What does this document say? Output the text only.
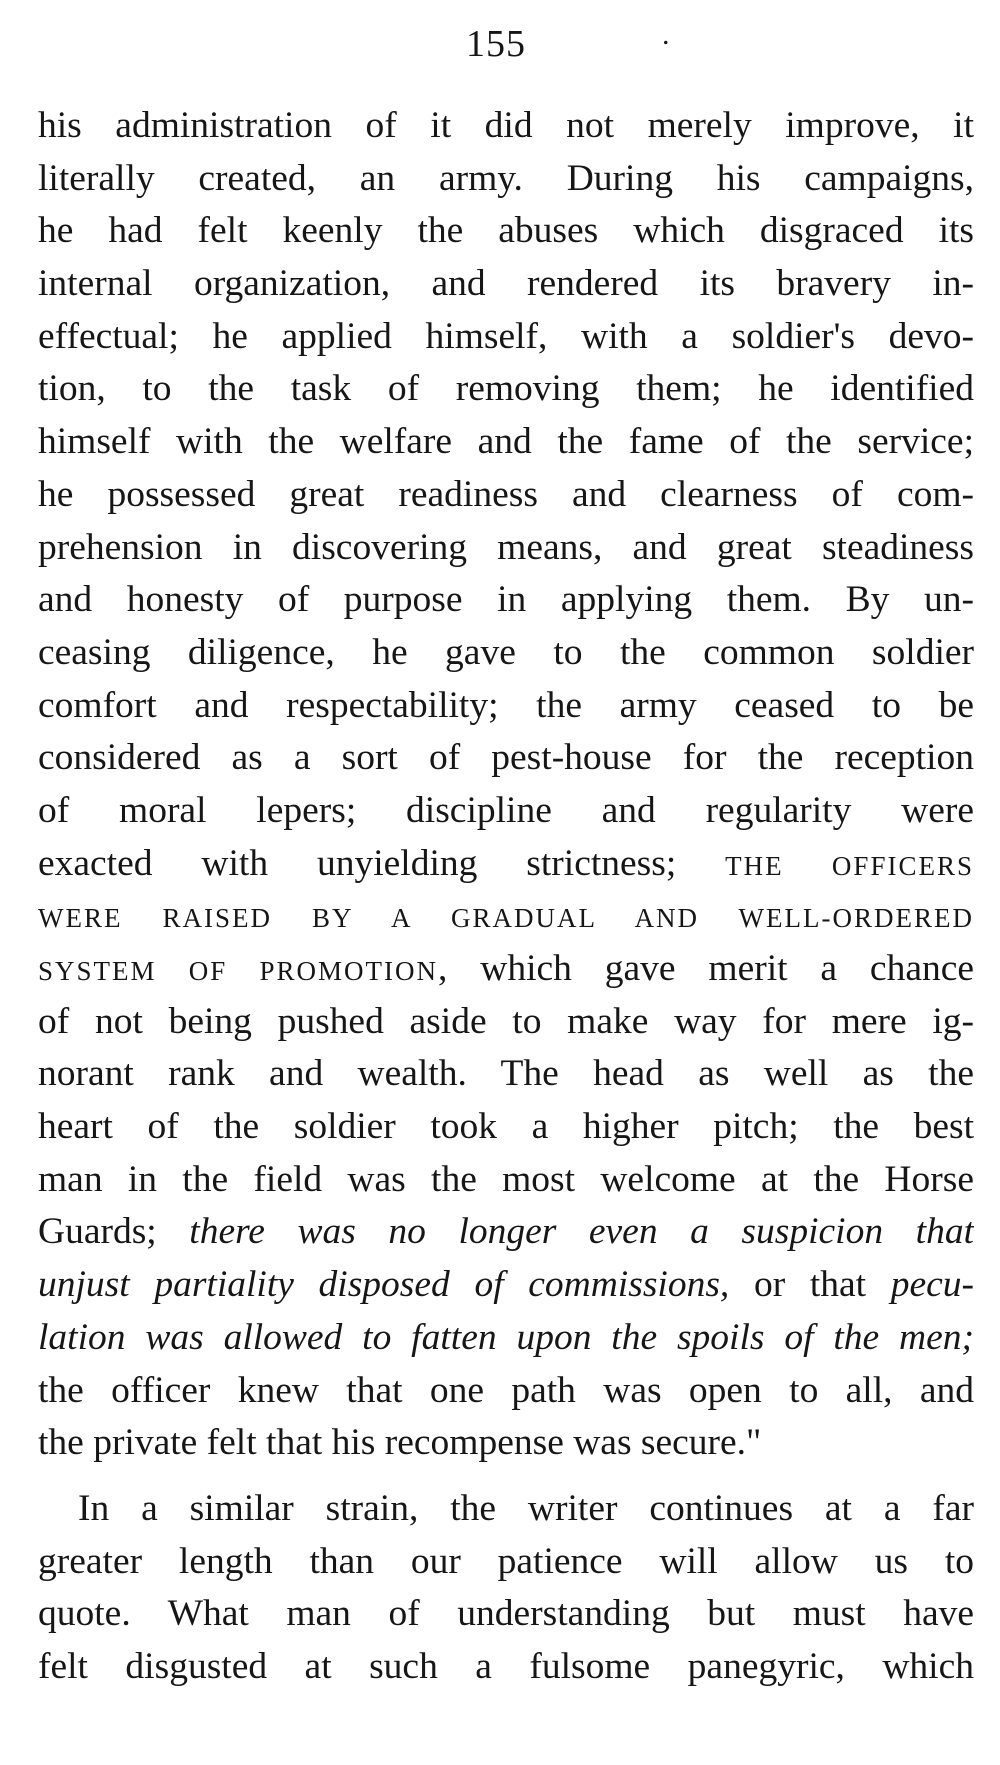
155	.
his administration of it did not merely improve, it
literally created, an army. During his campaigns,
he had felt keenly the abuses which disgraced its
internal organization, and rendered its bravery in-
effectual; he applied himself, with a soldier's devo-
tion, to the task of removing them; he identified
himself with the welfare and the fame of the service;
he possessed great readiness and clearness of com-
prehension in discovering means, and great steadiness
and honesty of purpose in applying them. By un-
ceasing diligence, he gave to the common soldier
comfort and respectability; the army ceased to be
considered as a sort of pest-house for the reception
of moral lepers; discipline and regularity were
exacted with unyielding strictness; THE OFFICERS
WERE RAISED BY A GRADUAL AND WELL-ORDERED
SYSTEM OF PROMOTION, which gave merit a chance
of not being pushed aside to make way for mere ig-
norant rank and wealth. The head as well as the
heart of the soldier took a higher pitch; the best
man in the field was the most welcome at the Horse
Guards; there was no longer even a suspicion that
unjust partiality disposed of commissions, or that pecu-
lation was allowed to fatten upon the spoils of the men;
the officer knew that one path was open to all, and
the private felt that his recompense was secure."
In a similar strain, the writer continues at a far
greater length than our patience will allow us to
quote. What man of understanding but must have
felt disgusted at such a fulsome panegyric, which
